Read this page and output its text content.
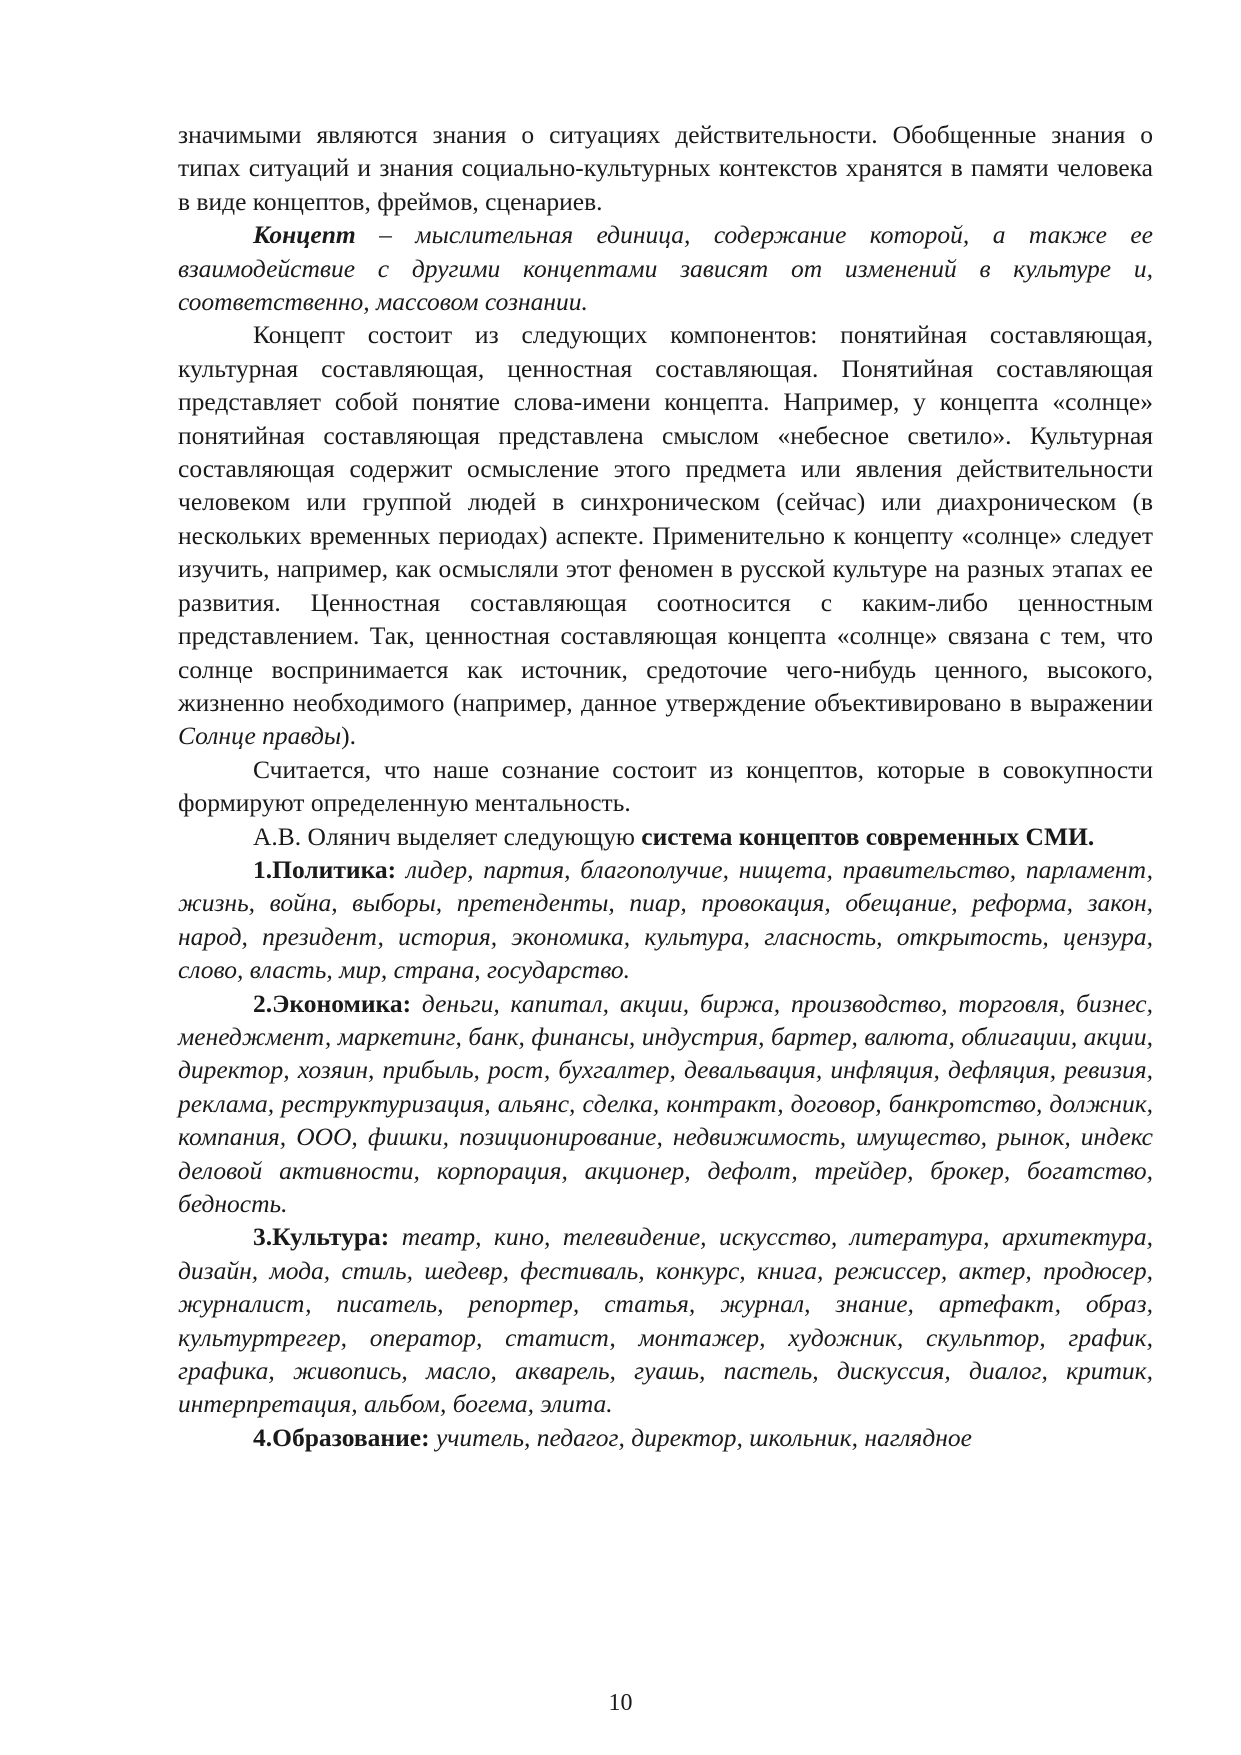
значимыми являются знания о ситуациях действительности. Обобщенные знания о типах ситуаций и знания социально-культурных контекстов хранятся в памяти человека в виде концептов, фреймов, сценариев.

Концепт – мыслительная единица, содержание которой, а также ее взаимодействие с другими концептами зависят от изменений в культуре и, соответственно, массовом сознании.

Концепт состоит из следующих компонентов: понятийная составляющая, культурная составляющая, ценностная составляющая. Понятийная составляющая представляет собой понятие слова-имени концепта. Например, у концепта «солнце» понятийная составляющая представлена смыслом «небесное светило». Культурная составляющая содержит осмысление этого предмета или явления действительности человеком или группой людей в синхроническом (сейчас) или диахроническом (в нескольких временных периодах) аспекте. Применительно к концепту «солнце» следует изучить, например, как осмысляли этот феномен в русской культуре на разных этапах ее развития. Ценностная составляющая соотносится с каким-либо ценностным представлением. Так, ценностная составляющая концепта «солнце» связана с тем, что солнце воспринимается как источник, средоточие чего-нибудь ценного, высокого, жизненно необходимого (например, данное утверждение объективировано в выражении Солнце правды).

Считается, что наше сознание состоит из концептов, которые в совокупности формируют определенную ментальность.

А.В. Олянич выделяет следующую система концептов современных СМИ.

1.Политика: лидер, партия, благополучие, нищета, правительство, парламент, жизнь, война, выборы, претенденты, пиар, провокация, обещание, реформа, закон, народ, президент, история, экономика, культура, гласность, открытость, цензура, слово, власть, мир, страна, государство.

2.Экономика: деньги, капитал, акции, биржа, производство, торговля, бизнес, менеджмент, маркетинг, банк, финансы, индустрия, бартер, валюта, облигации, акции, директор, хозяин, прибыль, рост, бухгалтер, девальвация, инфляция, дефляция, ревизия, реклама, реструктуризация, альянс, сделка, контракт, договор, банкротство, должник, компания, ООО, фишки, позиционирование, недвижимость, имущество, рынок, индекс деловой активности, корпорация, акционер, дефолт, трейдер, брокер, богатство, бедность.

3.Культура: театр, кино, телевидение, искусство, литература, архитектура, дизайн, мода, стиль, шедевр, фестиваль, конкурс, книга, режиссер, актер, продюсер, журналист, писатель, репортер, статья, журнал, знание, артефакт, образ, культуртрегер, оператор, статист, монтажер, художник, скульптор, график, графика, живопись, масло, акварель, гуашь, пастель, дискуссия, диалог, критик, интерпретация, альбом, богема, элита.

4.Образование: учитель, педагог, директор, школьник, наглядное

10
